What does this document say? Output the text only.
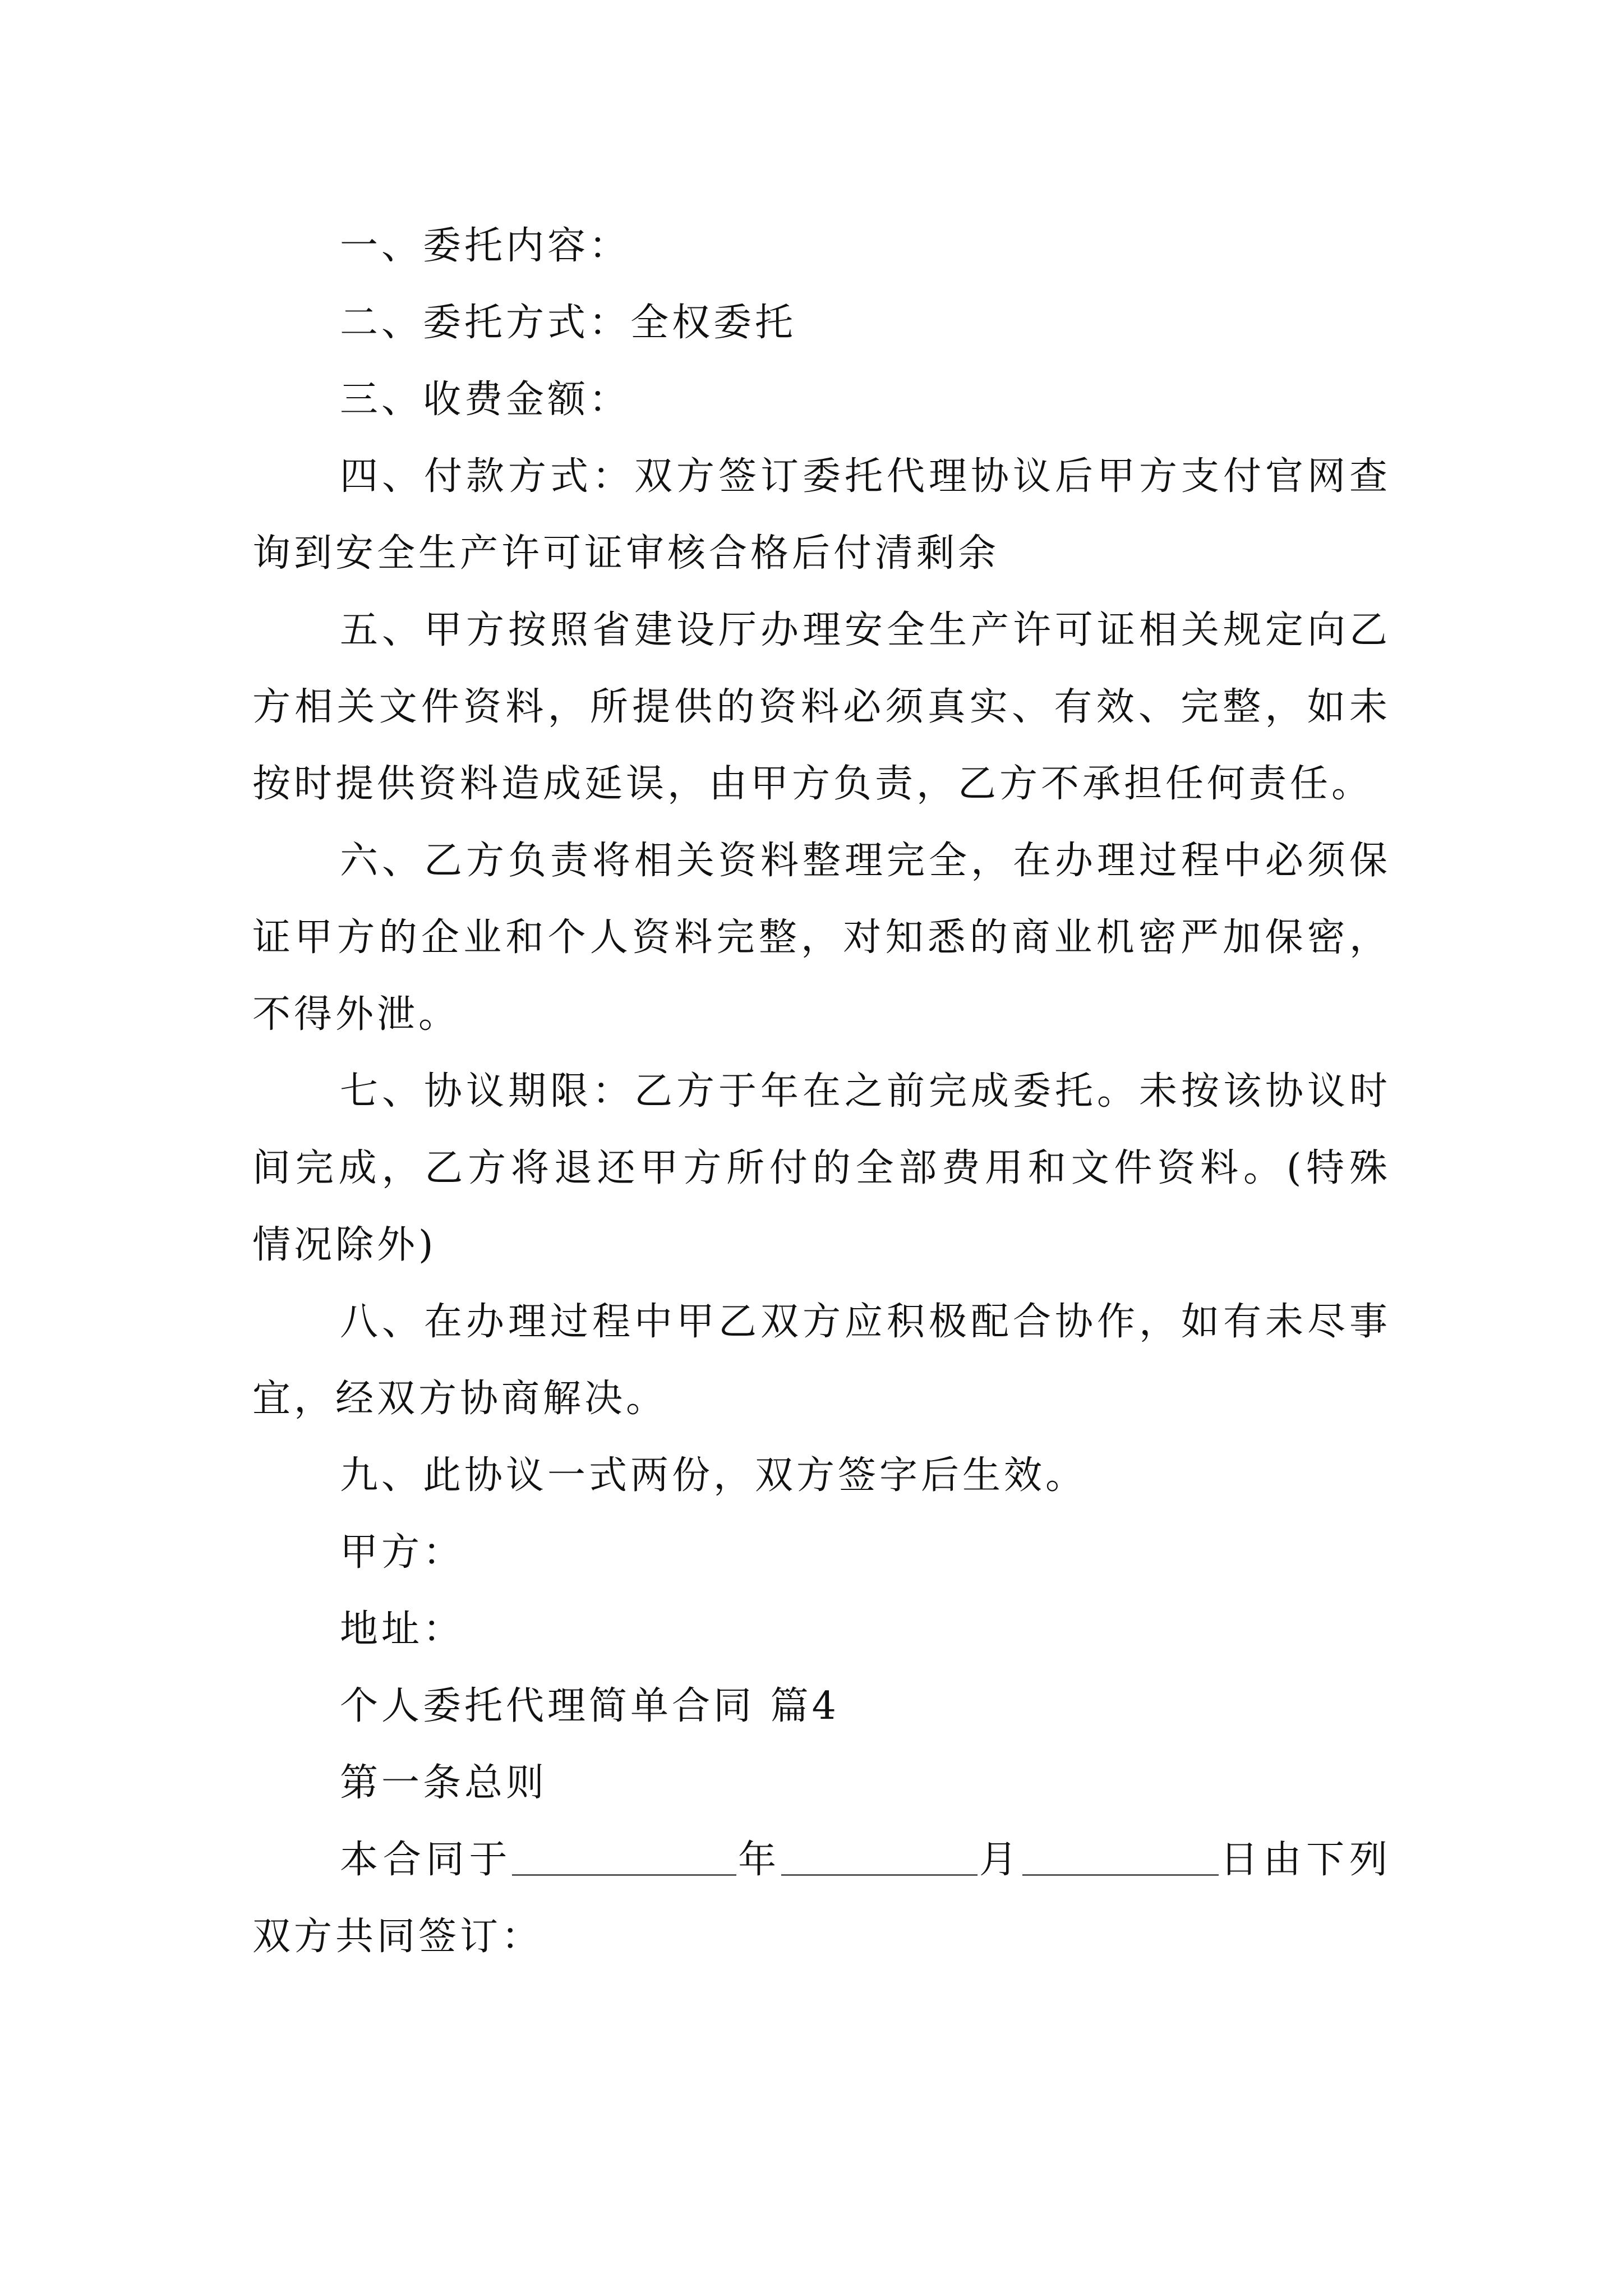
一、委托内容：

二、委托方式：全权委托

三、收费金额：

四、付款方式：双方签订委托代理协议后甲方支付官网查询到安全生产许可证审核合格后付清剩余

五、甲方按照省建设厅办理安全生产许可证相关规定向乙方相关文件资料，所提供的资料必须真实、有效、完整，如未按时提供资料造成延误，由甲方负责，乙方不承担任何责任。

六、乙方负责将相关资料整理完全，在办理过程中必须保证甲方的企业和个人资料完整，对知悉的商业机密严加保密，不得外泄。

七、协议期限：乙方于年在之前完成委托。未按该协议时间完成，乙方将退还甲方所付的全部费用和文件资料。(特殊情况除外)

八、在办理过程中甲乙双方应积极配合协作，如有未尽事宜，经双方协商解决。

九、此协议一式两份，双方签字后生效。

甲方：

地址：

个人委托代理简单合同 篇4

第一条总则

本合同于	年	月	日由下列双方共同签订：
